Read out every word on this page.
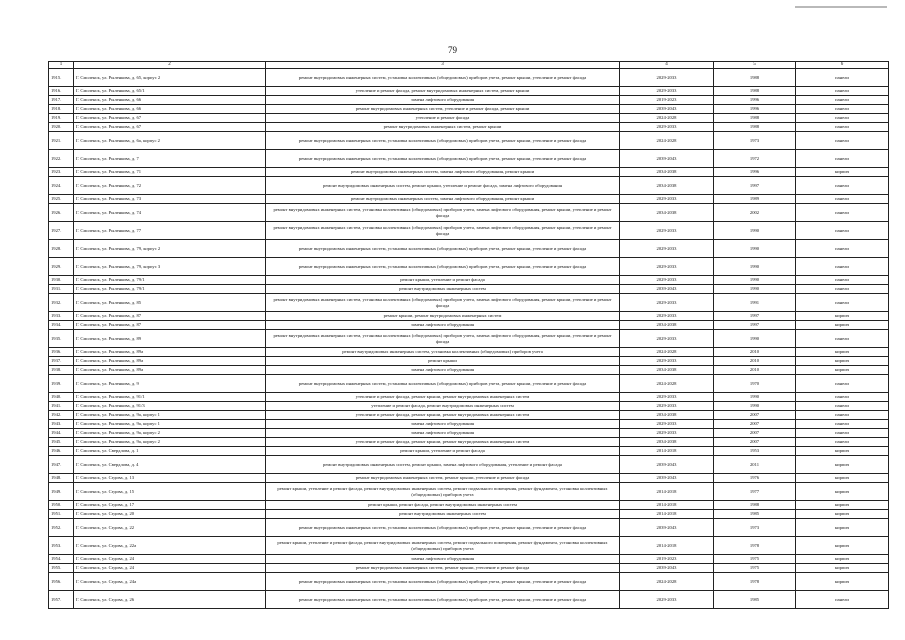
79
1	2	3	4	5	6
1915.	Г. Смоленск, ул. Рыленкова, д. 65, корпус 2	ремонт внутридомовых инженерных систем, установка коллективных (общедомовых) приборов учета, ремонт крыши, утепление и ремонт фасада	2029-2033	1988	панели
1916.	Г. Смоленск, ул. Рыленкова, д. 65/1	утепление и ремонт фасада, ремонт внутридомовых инженерных систем, ремонт крыши	2029-2033	1988	панели
1917.	Г. Смоленск, ул. Рыленкова, д. 66	замена лифтового оборудования	2019-2023	1996	панели
1918.	Г. Смоленск, ул. Рыленкова, д. 66	ремонт внутридомовых инженерных систем, утепление и ремонт фасада, ремонт крыши	2039-2043	1996	панели
1919.	Г. Смоленск, ул. Рыленкова, д. 67	утепление и ремонт фасада	2024-2028	1988	панели
1920.	Г. Смоленск, ул. Рыленкова, д. 67	ремонт внутридомовых инженерных систем, ремонт крыши	2029-2033	1988	панели
1921.	Г. Смоленск, ул. Рыленкова, д. 6а, корпус 2	ремонт внутридомовых инженерных систем, установка коллективных (общедомовых) приборов учета, ремонт крыши, утепление и ремонт фасада	2024-2028	1973	панели
1922.	Г. Смоленск, ул. Рыленкова, д. 7	ремонт внутридомовых инженерных систем, установка коллективных (общедомовых) приборов учета, ремонт крыши, утепление и ремонт фасада	2039-2043	1972	панели
1923.	Г. Смоленск, ул. Рыленкова, д. 71	ремонт внутридомовых инженерных систем, замена лифтового оборудования, ремонт крыши	2034-2038	1996	кирпич
1924.	Г. Смоленск, ул. Рыленкова, д. 72	ремонт внутридомовых инженерных систем, ремонт крыши, утепление и ремонт фасада, замена лифтового оборудования	2034-2038	1997	панели
1925.	Г. Смоленск, ул. Рыленкова, д. 73	ремонт внутридомовых инженерных систем, замена лифтового оборудования, ремонт крыши	2029-2033	1989	панели
1926.	Г. Смоленск, ул. Рыленкова, д. 74	ремонт внутридомовых инженерных систем, установка коллективных (общедомовых) приборов учета, замена лифтового оборудования, ремонт крыши, утепление и ремонт фасада	2034-2038	2002	панели
1927.	Г. Смоленск, ул. Рыленкова, д. 77	ремонт внутридомовых инженерных систем, установка коллективных (общедомовых) приборов учета, замена лифтового оборудования, ремонт крыши, утепление и ремонт фасада	2029-2033	1990	панели
1928.	Г. Смоленск, ул. Рыленкова, д. 79, корпус 2	ремонт внутридомовых инженерных систем, установка коллективных (общедомовых) приборов учета, ремонт крыши, утепление и ремонт фасада	2029-2033	1990	панели
1929.	Г. Смоленск, ул. Рыленкова, д. 79, корпус 3	ремонт внутридомовых инженерных систем, установка коллективных (общедомовых) приборов учета, ремонт крыши, утепление и ремонт фасада	2029-2033	1990	панели
1930.	Г. Смоленск, ул. Рыленкова, д. 79/1	ремонт крыши, утепление и ремонт фасада	2029-2033	1990	панели
1931.	Г. Смоленск, ул. Рыленкова, д. 79/1	ремонт внутридомовых инженерных систем	2039-2043	1990	панели
1932.	Г. Смоленск, ул. Рыленкова, д. 85	ремонт внутридомовых инженерных систем, установка коллективных (общедомовых) приборов учета, замена лифтового оборудования, ремонт крыши, утепление и ремонт фасада	2029-2033	1991	панели
1933.	Г. Смоленск, ул. Рыленкова, д. 87	ремонт крыши, ремонт внутридомовых инженерных систем	2029-2033	1997	кирпич
1934.	Г. Смоленск, ул. Рыленкова, д. 87	замена лифтового оборудования	2034-2038	1997	кирпич
1935.	Г. Смоленск, ул. Рыленкова, д. 89	ремонт внутридомовых инженерных систем, установка коллективных (общедомовых) приборов учета, замена лифтового оборудования, ремонт крыши, утепление и ремонт фасада	2029-2033	1990	панели
1936.	Г. Смоленск, ул. Рыленкова, д. 89а	ремонт внутридомовых инженерных систем, установка коллективных (общедомовых) приборов учета	2024-2028	2010	кирпич
1937.	Г. Смоленск, ул. Рыленкова, д. 89а	ремонт крыши	2029-2033	2010	кирпич
1938.	Г. Смоленск, ул. Рыленкова, д. 89а	замена лифтового оборудования	2034-2038	2010	кирпич
1939.	Г. Смоленск, ул. Рыленкова, д. 9	ремонт внутридомовых инженерных систем, установка коллективных (общедомовых) приборов учета, ремонт крыши, утепление и ремонт фасада	2024-2028	1970	панели
1940.	Г. Смоленск, ул. Рыленкова, д. 91/1	утепление и ремонт фасада, ремонт крыши, ремонт внутридомовых инженерных систем	2029-2033	1990	панели
1941.	Г. Смоленск, ул. Рыленкова, д. 91/3	утепление и ремонт фасада, ремонт внутридомовых инженерных систем	2029-2033	1990	панели
1942.	Г. Смоленск, ул. Рыленкова, д. 9а, корпус 1	утепление и ремонт фасада, ремонт крыши, ремонт внутридомовых инженерных систем	2034-2038	2007	панели
1943.	Г. Смоленск, ул. Рыленкова, д. 9а, корпус 1	замена лифтового оборудования	2029-2033	2007	панели
1944.	Г. Смоленск, ул. Рыленкова, д. 9а, корпус 2	замена лифтового оборудования	2029-2033	2007	панели
1945.	Г. Смоленск, ул. Рыленкова, д. 9а, корпус 2	утепление и ремонт фасада, ремонт крыши, ремонт внутридомовых инженерных систем	2034-2038	2007	панели
1946.	Г. Смоленск, ул. Свердлова, д. 1	ремонт крыши, утепление и ремонт фасада	2014-2018	1953	кирпич
1947.	Г. Смоленск, ул. Свердлова, д. 4	ремонт внутридомовых инженерных систем, ремонт крыши, замена лифтового оборудования, утепление и ремонт фасада	2039-2043	2011	кирпич
1948.	Г. Смоленск, ул. Седова, д. 13	ремонт внутридомовых инженерных систем, ремонт крыши, утепление и ремонт фасада	2039-2043	1976	кирпич
1949.	Г. Смоленск, ул. Седова, д. 15	ремонт крыши, утепление и ремонт фасада, ремонт внутридомовых инженерных систем, ремонт подвального помещения, ремонт фундамента, установка коллективных (общедомовых) приборов учета	2014-2018	1977	кирпич
1950.	Г. Смоленск, ул. Седова, д. 17	ремонт крыши, ремонт фасада, ремонт внутридомовых инженерных систем	2014-2018	1988	кирпич
1951.	Г. Смоленск, ул. Седова, д. 20	ремонт внутридомовых инженерных систем	2014-2018	1985	кирпич
1952.	Г. Смоленск, ул. Седова, д. 22	ремонт внутридомовых инженерных систем, установка коллективных (общедомовых) приборов учета, ремонт крыши, утепление и ремонт фасада	2039-2043	1973	кирпич
1953.	Г. Смоленск, ул. Седова, д. 22а	ремонт крыши, утепление и ремонт фасада, ремонт внутридомовых инженерных систем, ремонт подвального помещения, ремонт фундамента, установка коллективных (общедомовых) приборов учета	2014-2018	1978	кирпич
1954.	Г. Смоленск, ул. Седова, д. 24	замена лифтового оборудования	2019-2023	1975	кирпич
1955.	Г. Смоленск, ул. Седова, д. 24	ремонт внутридомовых инженерных систем, ремонт крыши, утепление и ремонт фасада	2039-2043	1975	кирпич
1956.	Г. Смоленск, ул. Седова, д. 24а	ремонт внутридомовых инженерных систем, установка коллективных (общедомовых) приборов учета, ремонт крыши, утепление и ремонт фасада	2024-2028	1978	кирпич
1957.	Г. Смоленск, ул. Седова, д. 26	ремонт внутридомовых инженерных систем, установка коллективных (общедомовых) приборов учета, ремонт крыши, утепление и ремонт фасада	2029-2033	1985	панели
